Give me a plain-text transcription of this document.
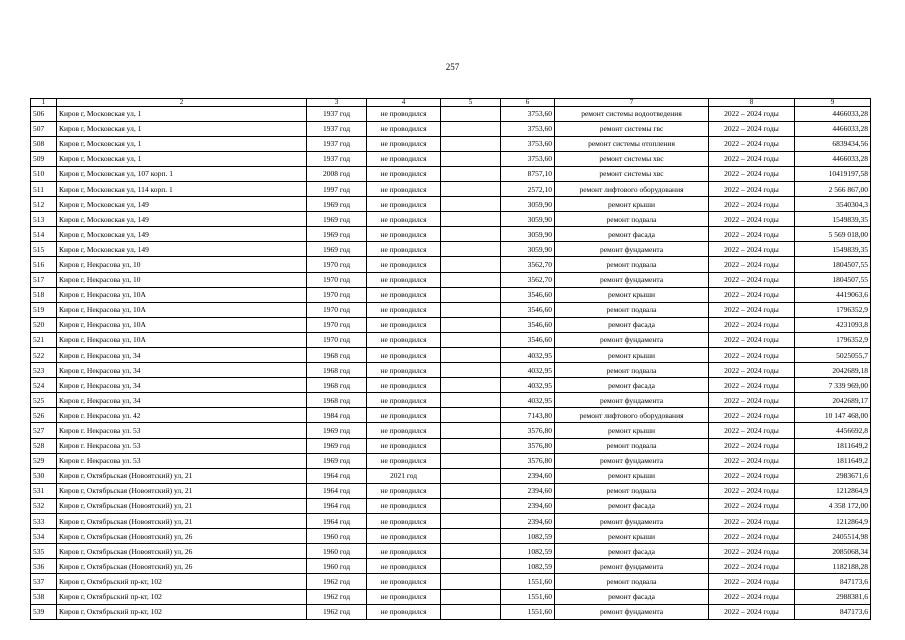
257
1	2	3	4	5	6	7	8	9
506	Киров г, Московская ул, 1	1937 год	не проводился		3753,60	ремонт системы водоотведения	2022 – 2024 годы	4466033,28
507	Киров г, Московская ул, 1	1937 год	не проводился		3753,60	ремонт системы гвс	2022 – 2024 годы	4466033,28
508	Киров г, Московская ул, 1	1937 год	не проводился		3753,60	ремонт системы отопления	2022 – 2024 годы	6839434,56
509	Киров г, Московская ул, 1	1937 год	не проводился		3753,60	ремонт системы хвс	2022 – 2024 годы	4466033,28
510	Киров г, Московская ул, 107 корп. 1	2008 год	не проводился		8757,10	ремонт системы хвс	2022 – 2024 годы	10419197,58
511	Киров г, Московская ул, 114 корп. 1	1997 год	не проводился		2572,10	ремонт лифтового оборудования	2022 – 2024 годы	2 566 867,00
512	Киров г, Московская ул, 149	1969 год	не проводился		3059,90	ремонт крыши	2022 – 2024 годы	3540304,3
513	Киров г, Московская ул, 149	1969 год	не проводился		3059,90	ремонт подвала	2022 – 2024 годы	1549839,35
514	Киров г, Московская ул, 149	1969 год	не проводился		3059,90	ремонт фасада	2022 – 2024 годы	5 569 018,00
515	Киров г, Московская ул, 149	1969 год	не проводился		3059,90	ремонт фундамента	2022 – 2024 годы	1549839,35
516	Киров г, Некрасова ул, 10	1970 год	не проводился		3562,70	ремонт подвала	2022 – 2024 годы	1804507,55
517	Киров г, Некрасова ул, 10	1970 год	не проводился		3562,70	ремонт фундамента	2022 – 2024 годы	1804507,55
518	Киров г, Некрасова ул, 10А	1970 год	не проводился		3546,60	ремонт крыши	2022 – 2024 годы	4419063,6
519	Киров г, Некрасова ул, 10А	1970 год	не проводился		3546,60	ремонт подвала	2022 – 2024 годы	1796352,9
520	Киров г, Некрасова ул, 10А	1970 год	не проводился		3546,60	ремонт фасада	2022 – 2024 годы	4231093,8
521	Киров г, Некрасова ул, 10А	1970 год	не проводился		3546,60	ремонт фундамента	2022 – 2024 годы	1796352,9
522	Киров г, Некрасова ул, 34	1968 год	не проводился		4032,95	ремонт крыши	2022 – 2024 годы	5025055,7
523	Киров г, Некрасова ул, 34	1968 год	не проводился		4032,95	ремонт подвала	2022 – 2024 годы	2042689,18
524	Киров г, Некрасова ул, 34	1968 год	не проводился		4032,95	ремонт фасада	2022 – 2024 годы	7 339 969,00
525	Киров г, Некрасова ул, 34	1968 год	не проводился		4032,95	ремонт фундамента	2022 – 2024 годы	2042689,17
526	Киров г. Некрасова ул. 42	1984 год	не проводился		7143,80	ремонт лифтового оборудования	2022 – 2024 годы	10 147 468,00
527	Киров г. Некрасова ул. 53	1969 год	не проводился		3576,80	ремонт крыши	2022 – 2024 годы	4456692,8
528	Киров г. Некрасова ул. 53	1969 год	не проводился		3576,80	ремонт подвала	2022 – 2024 годы	1811649,2
529	Киров г. Некрасова ул. 53	1969 год	не проводился		3576,80	ремонт фундамента	2022 – 2024 годы	1811649,2
530	Киров г, Октябрьская (Новоятский) ул, 21	1964 год	2021 год		2394,60	ремонт крыши	2022 – 2024 годы	2983671,6
531	Киров г, Октябрьская (Новоятский) ул, 21	1964 год	не проводился		2394,60	ремонт подвала	2022 – 2024 годы	1212864,9
532	Киров г, Октябрьская (Новоятский) ул, 21	1964 год	не проводился		2394,60	ремонт фасада	2022 – 2024 годы	4 358 172,00
533	Киров г, Октябрьская (Новоятский) ул, 21	1964 год	не проводился		2394,60	ремонт фундамента	2022 – 2024 годы	1212864,9
534	Киров г, Октябрьская (Новоятский) ул, 26	1960 год	не проводился		1082,59	ремонт крыши	2022 – 2024 годы	2405514,98
535	Киров г, Октябрьская (Новоятский) ул, 26	1960 год	не проводился		1082,59	ремонт фасада	2022 – 2024 годы	2085068,34
536	Киров г, Октябрьская (Новоятский) ул, 26	1960 год	не проводился		1082,59	ремонт фундамента	2022 – 2024 годы	1182188,28
537	Киров г, Октябрьский пр-кт, 102	1962 год	не проводился		1551,60	ремонт подвала	2022 – 2024 годы	847173,6
538	Киров г, Октябрьский пр-кт, 102	1962 год	не проводился		1551,60	ремонт фасада	2022 – 2024 годы	2988381,6
539	Киров г, Октябрьский пр-кт, 102	1962 год	не проводился		1551,60	ремонт фундамента	2022 – 2024 годы	847173,6
